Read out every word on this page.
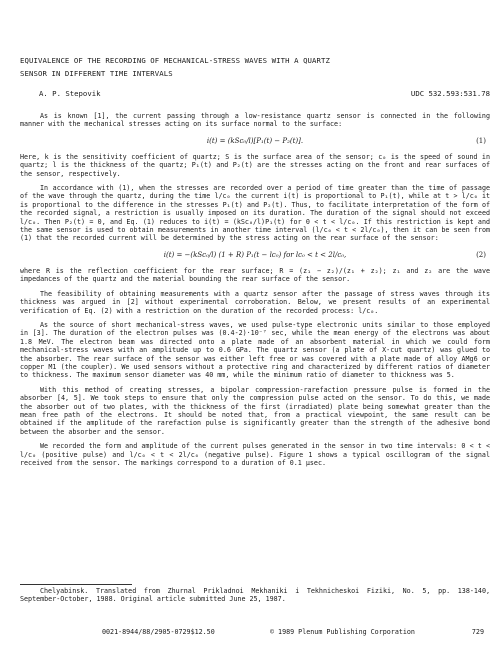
EQUIVALENCE OF THE RECORDING OF MECHANICAL-STRESS WAVES WITH A QUARTZ
SENSOR IN DIFFERENT TIME INTERVALS
A. P. Stepovik	UDC 532.593:531.78

As is known [1], the current passing through a low-resistance quartz sensor is connected in the following manner with the mechanical stresses acting on its surface normal to the surface:

i(t) = (kSc₀/l)[P₁(t) − P₂(t)].	(1)

Here, k is the sensitivity coefficient of quartz; S is the surface area of the sensor; c₀ is the speed of sound in quartz; l is the thickness of the quartz; P₁(t) and P₂(t) are the stresses acting on the front and rear surfaces of the sensor, respectively.

In accordance with (1), when the stresses are recorded over a period of time greater than the time of passage of the wave through the quartz, during the time l/c₀ the current i(t) is proportional to P₁(t), while at t > l/c₀ it is proportional to the difference in the stresses P₁(t) and P₂(t). Thus, to facilitate interpretation of the form of the recorded signal, a restriction is usually imposed on its duration. The duration of the signal should not exceed l/c₀. Then P₂(t) = 0, and Eq. (1) reduces to i(t) = (kSc₀/l)P₁(t) for 0 < t < l/c₀. If this restriction is kept and the same sensor is used to obtain measurements in another time interval (l/c₀ < t < 2l/c₀), then it can be seen from (1) that the recorded current will be determined by the stress acting on the rear surface of the sensor:

i(t) = −(kSc₀/l) (1 + R) P₁(t − lc₀) for lc₀ < t < 2l/c₀,	(2)

where R is the reflection coefficient for the rear surface; R = (z₁ − z₂)/(z₁ + z₂); z₁ and z₂ are the wave impedances of the quartz and the material bounding the rear surface of the sensor.

The feasibility of obtaining measurements with a quartz sensor after the passage of stress waves through its thickness was argued in [2] without experimental corroboration. Below, we present results of an experimental verification of Eq. (2) with a restriction on the duration of the recorded process: l/c₀.

As the source of short mechanical-stress waves, we used pulse-type electronic units similar to those employed in [3]. The duration of the electron pulses was (0.4-2)·10⁻⁷ sec, while the mean energy of the electrons was about 1.8 MeV. The electron beam was directed onto a plate made of an absorbent material in which we could form mechanical-stress waves with an amplitude up to 0.6 GPa. The quartz sensor (a plate of X-cut quartz) was glued to the absorber. The rear surface of the sensor was either left free or was covered with a plate made of alloy AMg6 or copper M1 (the coupler). We used sensors without a protective ring and characterized by different ratios of diameter to thickness. The maximum sensor diameter was 40 mm, while the minimum ratio of diameter to thickness was 5.

With this method of creating stresses, a bipolar compression-rarefaction pressure pulse is formed in the absorber [4, 5]. We took steps to ensure that only the compression pulse acted on the sensor. To do this, we made the absorber out of two plates, with the thickness of the first (irradiated) plate being somewhat greater than the mean free path of the electrons. It should be noted that, from a practical viewpoint, the same result can be obtained if the amplitude of the rarefaction pulse is significantly greater than the strength of the adhesive bond between the absorber and the sensor.

We recorded the form and amplitude of the current pulses generated in the sensor in two time intervals: 0 < t < l/c₀ (positive pulse) and l/c₀ < t < 2l/c₀ (negative pulse). Figure 1 shows a typical oscillogram of the signal received from the sensor. The markings correspond to a duration of 0.1 μsec.

Chelyabinsk. Translated from Zhurnal Prikladnoi Mekhaniki i Tekhnicheskoi Fiziki, No. 5, pp. 138-140, September-October, 1988. Original article submitted June 25, 1987.

0021-8944/88/2905-0729$12.50	© 1989 Plenum Publishing Corporation	729
